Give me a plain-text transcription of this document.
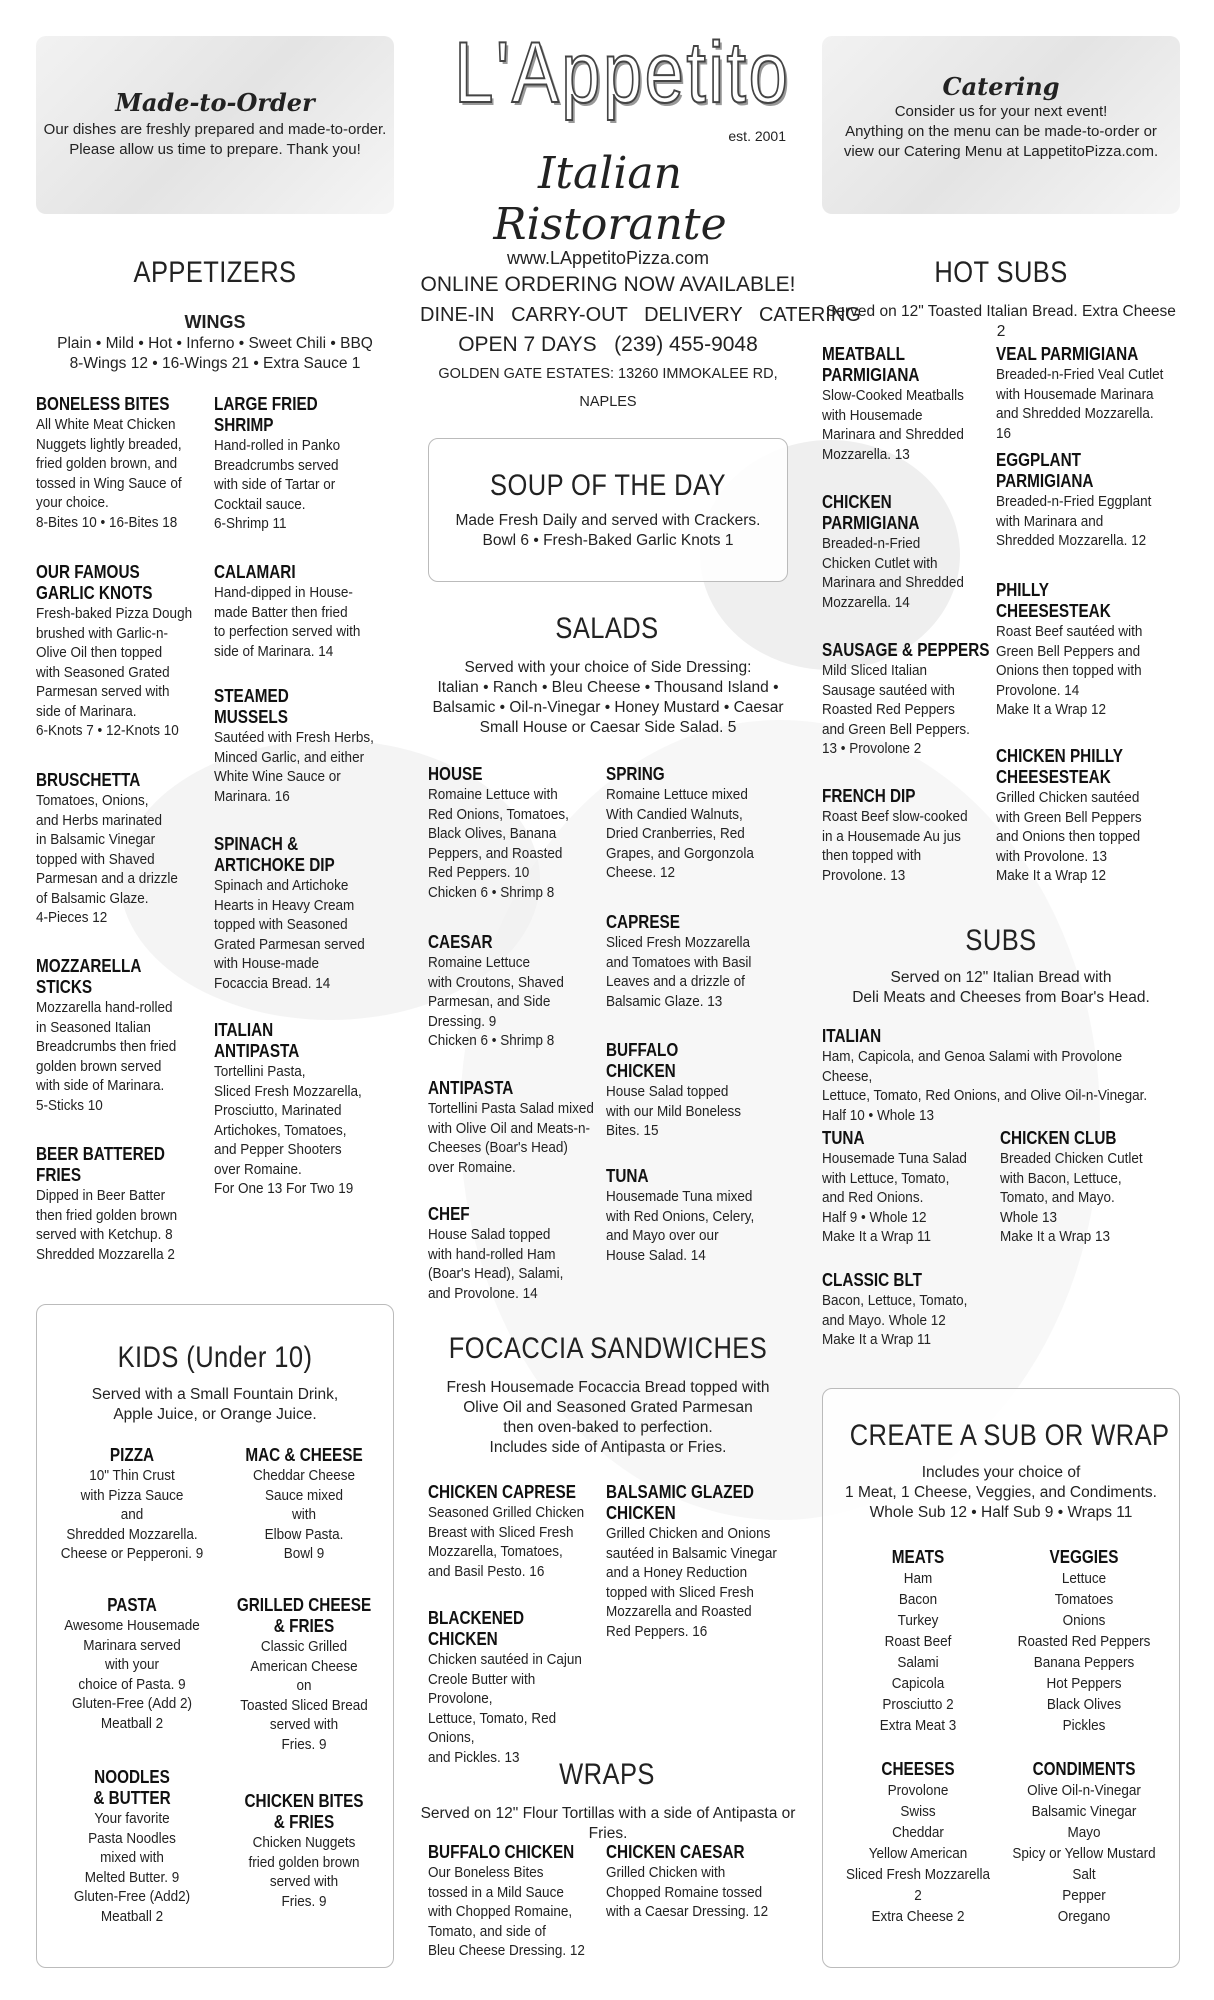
Made-to-Order
Our dishes are freshly prepared and made-to-order.
Please allow us time to prepare. Thank you!
L'Appetito
est. 2001
Italian Ristorante
Catering
Consider us for your next event!
Anything on the menu can be made-to-order or
view our Catering Menu at LappetitoPizza.com.
www.LAppetitoPizza.com
ONLINE ORDERING NOW AVAILABLE!
DINE-IN   CARRY-OUT   DELIVERY   CATERING
OPEN 7 DAYS   (239) 455-9048
GOLDEN GATE ESTATES: 13260 IMMOKALEE RD, NAPLES
APPETIZERS
WINGS
Plain • Mild • Hot • Inferno • Sweet Chili • BBQ
8-Wings 12 • 16-Wings 21 • Extra Sauce 1
BONELESS BITES
All White Meat Chicken
Nuggets lightly breaded,
fried golden brown, and
tossed in Wing Sauce of
your choice.
8-Bites 10 • 16-Bites 18
OUR FAMOUS
GARLIC KNOTS
Fresh-baked Pizza Dough
brushed with Garlic-n-
Olive Oil then topped
with Seasoned Grated
Parmesan served with
side of Marinara.
6-Knots 7 • 12-Knots 10
BRUSCHETTA
Tomatoes, Onions,
and Herbs marinated
in Balsamic Vinegar
topped with Shaved
Parmesan and a drizzle
of Balsamic Glaze.
4-Pieces 12
MOZZARELLA
STICKS
Mozzarella hand-rolled
in Seasoned Italian
Breadcrumbs then fried
golden brown served
with side of Marinara.
5-Sticks 10
BEER BATTERED
FRIES
Dipped in Beer Batter
then fried golden brown
served with Ketchup. 8
Shredded Mozzarella 2
LARGE FRIED
SHRIMP
Hand-rolled in Panko
Breadcrumbs served
with side of Tartar or
Cocktail sauce.
6-Shrimp 11
CALAMARI
Hand-dipped in House-
made Batter then fried
to perfection served with
side of Marinara. 14
STEAMED
MUSSELS
Sautéed with Fresh Herbs,
Minced Garlic, and either
White Wine Sauce or
Marinara. 16
SPINACH &
ARTICHOKE DIP
Spinach and Artichoke
Hearts in Heavy Cream
topped with Seasoned
Grated Parmesan served
with House-made
Focaccia Bread. 14
ITALIAN
ANTIPASTA
Tortellini Pasta,
Sliced Fresh Mozzarella,
Prosciutto, Marinated
Artichokes, Tomatoes,
and Pepper Shooters
over Romaine.
For One 13 For Two 19
SOUP OF THE DAY
Made Fresh Daily and served with Crackers.
Bowl 6 • Fresh-Baked Garlic Knots 1
SALADS
Served with your choice of Side Dressing:
Italian • Ranch • Bleu Cheese • Thousand Island •
Balsamic • Oil-n-Vinegar • Honey Mustard • Caesar
Small House or Caesar Side Salad. 5
HOUSE
Romaine Lettuce with
Red Onions, Tomatoes,
Black Olives, Banana
Peppers, and Roasted
Red Peppers. 10
Chicken 6 • Shrimp 8
CAESAR
Romaine Lettuce
with Croutons, Shaved
Parmesan, and Side
Dressing. 9
Chicken 6 • Shrimp 8
ANTIPASTA
Tortellini Pasta Salad mixed
with Olive Oil and Meats-n-
Cheeses (Boar's Head)
over Romaine.
CHEF
House Salad topped
with hand-rolled Ham
(Boar's Head), Salami,
and Provolone. 14
SPRING
Romaine Lettuce mixed
With Candied Walnuts,
Dried Cranberries, Red
Grapes, and Gorgonzola
Cheese. 12
CAPRESE
Sliced Fresh Mozzarella
and Tomatoes with Basil
Leaves and a drizzle of
Balsamic Glaze. 13
BUFFALO
CHICKEN
House Salad topped
with our Mild Boneless
Bites. 15
TUNA
Housemade Tuna mixed
with Red Onions, Celery,
and Mayo over our
House Salad. 14
HOT SUBS
Served on 12" Toasted Italian Bread. Extra Cheese 2
MEATBALL
PARMIGIANA
Slow-Cooked Meatballs
with Housemade
Marinara and Shredded
Mozzarella. 13
CHICKEN
PARMIGIANA
Breaded-n-Fried
Chicken Cutlet with
Marinara and Shredded
Mozzarella. 14
SAUSAGE & PEPPERS
Mild Sliced Italian
Sausage sautéed with
Roasted Red Peppers
and Green Bell Peppers.
13 • Provolone 2
FRENCH DIP
Roast Beef slow-cooked
in a Housemade Au jus
then topped with
Provolone. 13
VEAL PARMIGIANA
Breaded-n-Fried Veal Cutlet
with Housemade Marinara
and Shredded Mozzarella. 16
EGGPLANT
PARMIGIANA
Breaded-n-Fried Eggplant
with Marinara and
Shredded Mozzarella. 12
PHILLY
CHEESESTEAK
Roast Beef sautéed with
Green Bell Peppers and
Onions then topped with
Provolone. 14
Make It a Wrap 12
CHICKEN PHILLY
CHEESESTEAK
Grilled Chicken sautéed
with Green Bell Peppers
and Onions then topped
with Provolone. 13
Make It a Wrap 12
SUBS
Served on 12" Italian Bread with
Deli Meats and Cheeses from Boar's Head.
ITALIAN
Ham, Capicola, and Genoa Salami with Provolone Cheese,
Lettuce, Tomato, Red Onions, and Olive Oil-n-Vinegar.
Half 10 • Whole 13
TUNA
Housemade Tuna Salad
with Lettuce, Tomato,
and Red Onions.
Half 9 • Whole 12
Make It a Wrap 11
CHICKEN CLUB
Breaded Chicken Cutlet
with Bacon, Lettuce,
Tomato, and Mayo.
Whole 13
Make It a Wrap 13
CLASSIC BLT
Bacon, Lettuce, Tomato,
and Mayo. Whole 12
Make It a Wrap 11
KIDS (Under 10)
Served with a Small Fountain Drink,
Apple Juice, or Orange Juice.
PIZZA
10" Thin Crust
with Pizza Sauce
and
Shredded Mozzarella.
Cheese or Pepperoni. 9
PASTA
Awesome Housemade
Marinara served
with your
choice of Pasta. 9
Gluten-Free (Add 2)
Meatball 2
NOODLES
& BUTTER
Your favorite
Pasta Noodles
mixed with
Melted Butter. 9
Gluten-Free (Add2)
Meatball 2
MAC & CHEESE
Cheddar Cheese
Sauce mixed
with
Elbow Pasta.
Bowl 9
GRILLED CHEESE
& FRIES
Classic Grilled
American Cheese
on
Toasted Sliced Bread
served with
Fries. 9
CHICKEN BITES
& FRIES
Chicken Nuggets
fried golden brown
served with
Fries. 9
FOCACCIA SANDWICHES
Fresh Housemade Focaccia Bread topped with
Olive Oil and Seasoned Grated Parmesan
then oven-baked to perfection.
Includes side of Antipasta or Fries.
CHICKEN CAPRESE
Seasoned Grilled Chicken
Breast with Sliced Fresh
Mozzarella, Tomatoes,
and Basil Pesto. 16
BLACKENED
CHICKEN
Chicken sautéed in Cajun
Creole Butter with Provolone,
Lettuce, Tomato, Red Onions,
and Pickles. 13
BALSAMIC GLAZED
CHICKEN
Grilled Chicken and Onions
sautéed in Balsamic Vinegar
and a Honey Reduction
topped with Sliced Fresh
Mozzarella and Roasted
Red Peppers. 16
WRAPS
Served on 12" Flour Tortillas with a side of Antipasta or Fries.
BUFFALO CHICKEN
Our Boneless Bites
tossed in a Mild Sauce
with Chopped Romaine,
Tomato, and side of
Bleu Cheese Dressing. 12
CHICKEN CAESAR
Grilled Chicken with
Chopped Romaine tossed
with a Caesar Dressing. 12
CREATE A SUB OR WRAP
Includes your choice of
1 Meat, 1 Cheese, Veggies, and Condiments.
Whole Sub 12 • Half Sub 9 • Wraps 11
MEATS
Ham
Bacon
Turkey
Roast Beef
Salami
Capicola
Prosciutto 2
Extra Meat 3
VEGGIES
Lettuce
Tomatoes
Onions
Roasted Red Peppers
Banana Peppers
Hot Peppers
Black Olives
Pickles
CHEESES
Provolone
Swiss
Cheddar
Yellow American
Sliced Fresh Mozzarella 2
Extra Cheese 2
CONDIMENTS
Olive Oil-n-Vinegar
Balsamic Vinegar
Mayo
Spicy or Yellow Mustard
Salt
Pepper
Oregano
